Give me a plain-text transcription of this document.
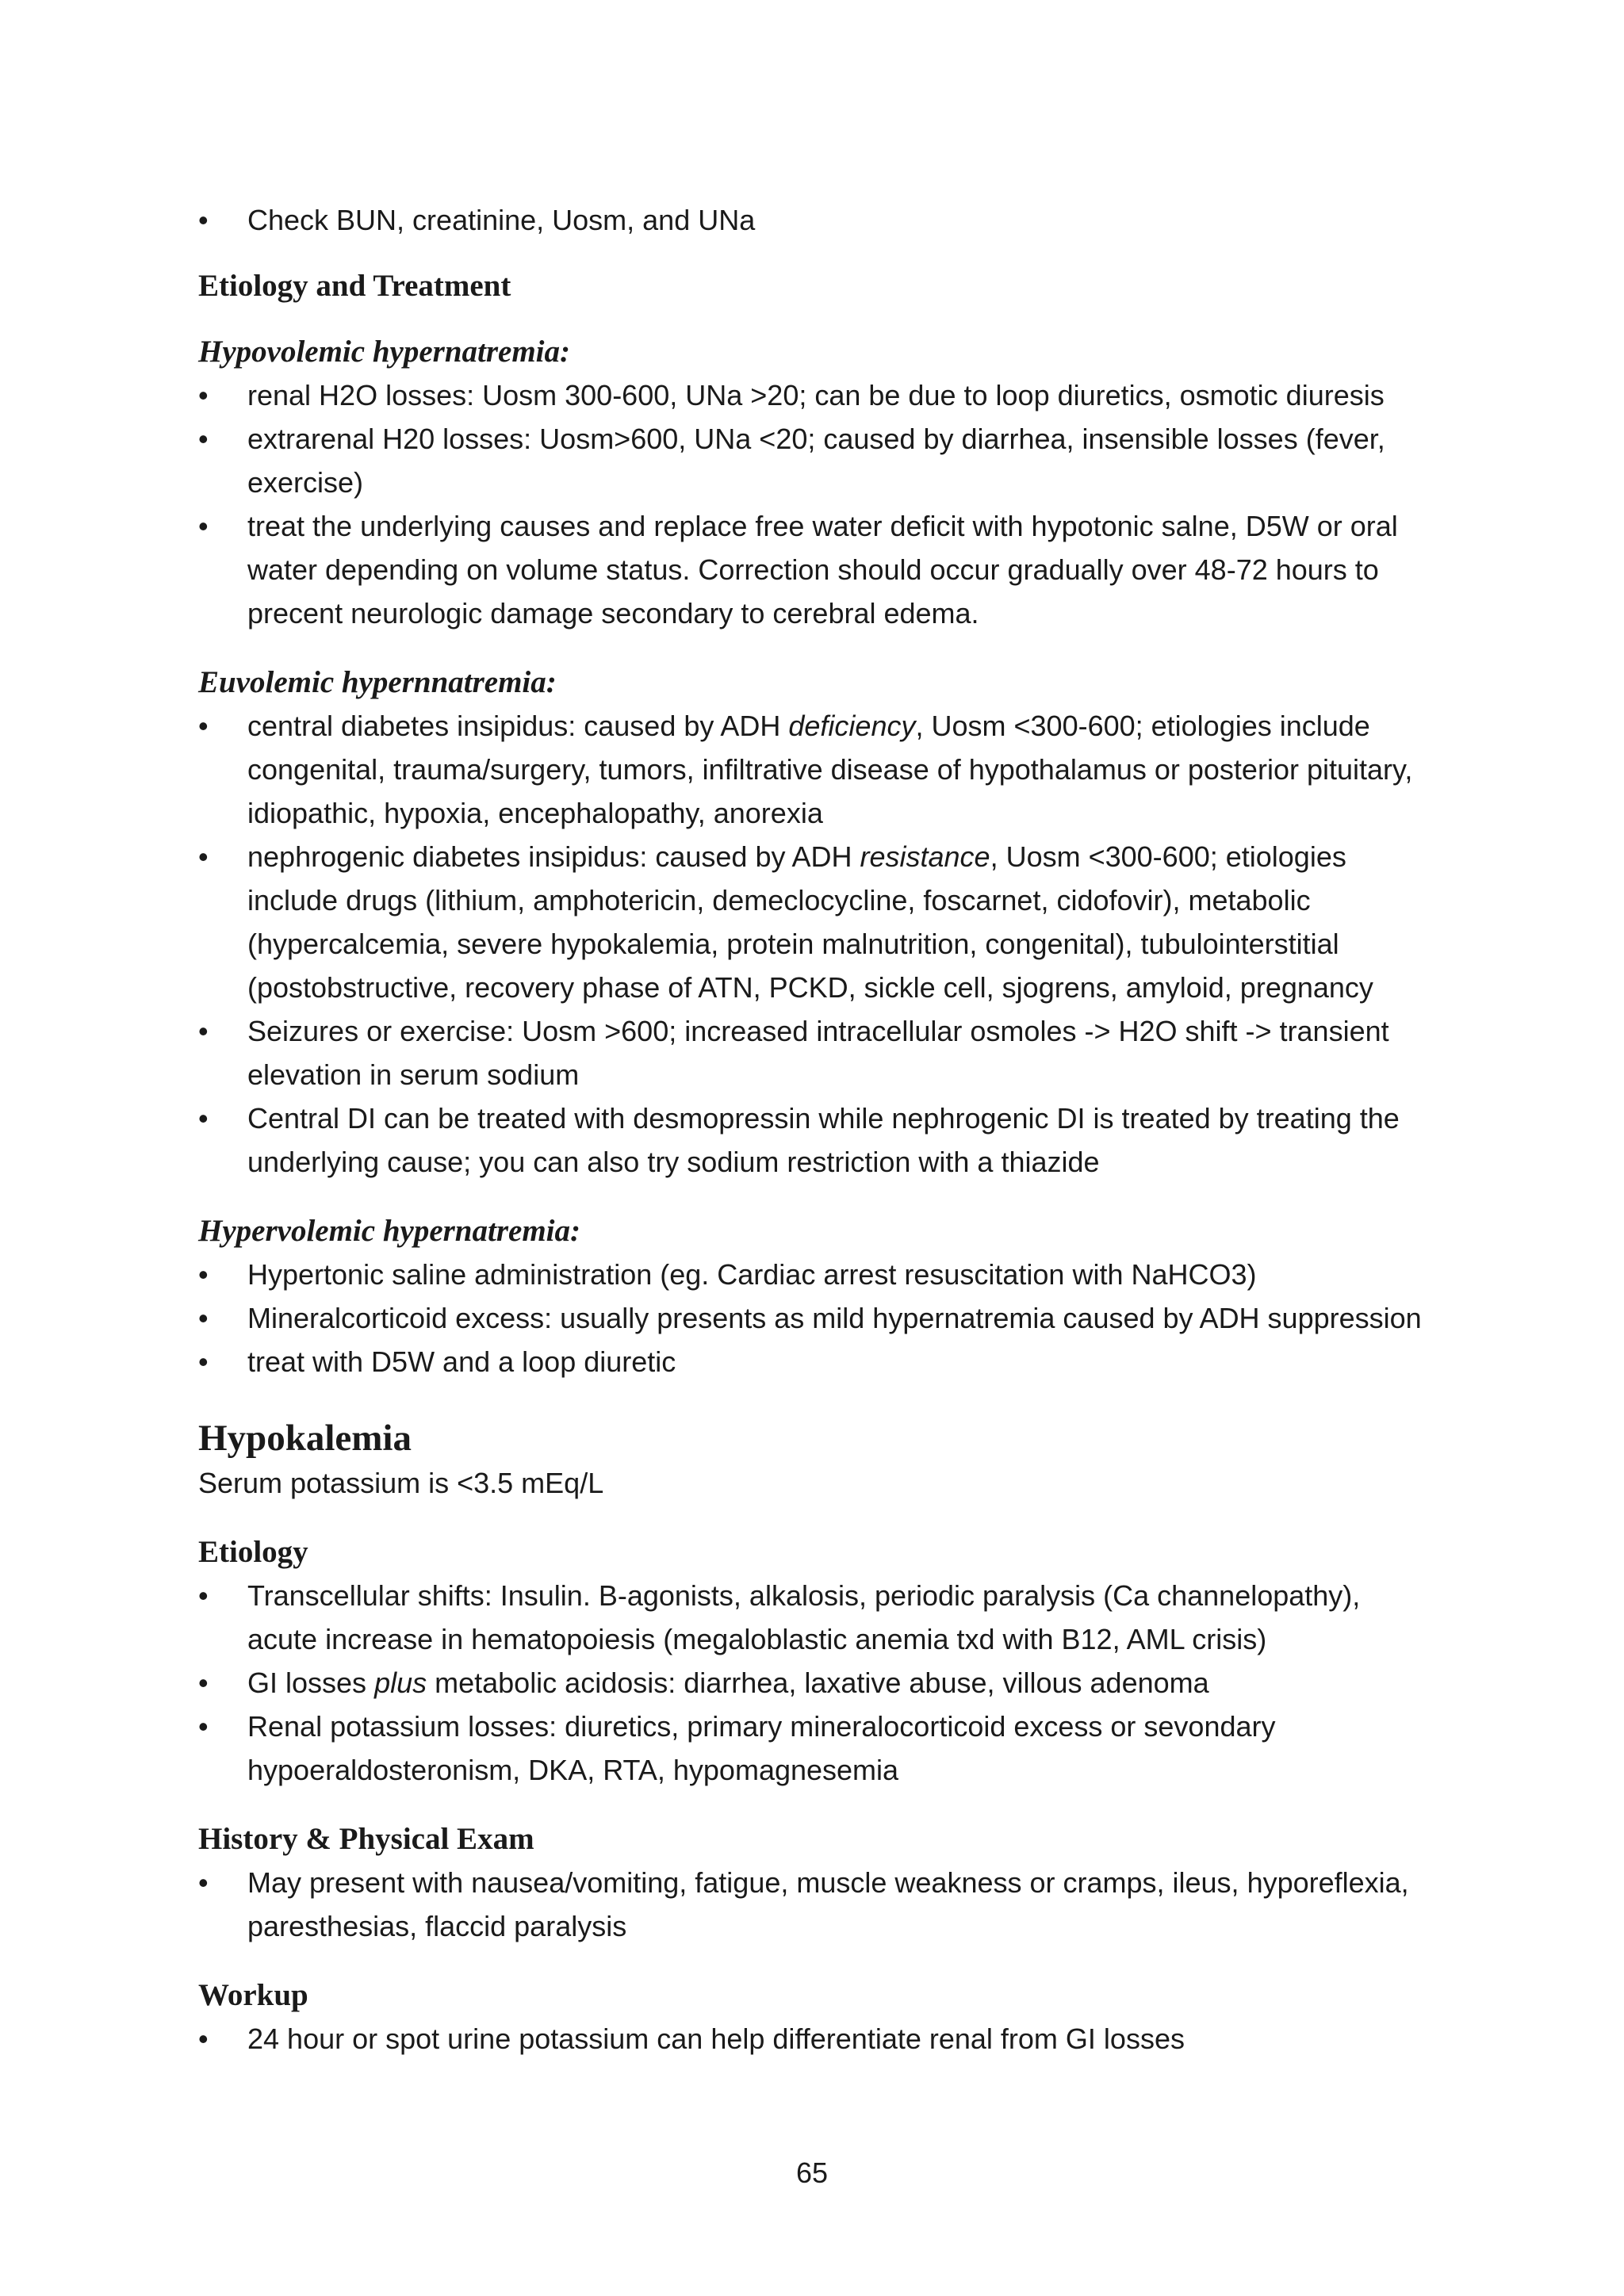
• Check BUN, creatinine, Uosm, and UNa
Etiology and Treatment
Hypovolemic hypernatremia:
• renal H2O losses: Uosm 300-600, UNa >20; can be due to loop diuretics, osmotic diuresis
• extrarenal H20 losses: Uosm>600, UNa <20; caused by diarrhea, insensible losses (fever, exercise)
• treat the underlying causes and replace free water deficit with hypotonic salne, D5W or oral water depending on volume status. Correction should occur gradually over 48-72 hours to precent neurologic damage secondary to cerebral edema.
Euvolemic hypernnatremia:
• central diabetes insipidus: caused by ADH deficiency, Uosm <300-600; etiologies include congenital, trauma/surgery, tumors, infiltrative disease of hypothalamus or posterior pituitary, idiopathic, hypoxia, encephalopathy, anorexia
• nephrogenic diabetes insipidus: caused by ADH resistance, Uosm <300-600; etiologies include drugs (lithium, amphotericin, demeclocycline, foscarnet, cidofovir), metabolic (hypercalcemia, severe hypokalemia, protein malnutrition, congenital), tubulointerstitial (postobstructive, recovery phase of ATN, PCKD, sickle cell, sjogrens, amyloid, pregnancy
• Seizures or exercise: Uosm >600; increased intracellular osmoles -> H2O shift -> transient elevation in serum sodium
• Central DI can be treated with desmopressin while nephrogenic DI is treated by treating the underlying cause; you can also try sodium restriction with a thiazide
Hypervolemic hypernatremia:
• Hypertonic saline administration (eg. Cardiac arrest resuscitation with NaHCO3)
• Mineralcorticoid excess: usually presents as mild hypernatremia caused by ADH suppression
• treat with D5W and a loop diuretic
Hypokalemia
Serum potassium is <3.5 mEq/L
Etiology
• Transcellular shifts: Insulin. B-agonists, alkalosis, periodic paralysis (Ca channelopathy), acute increase in hematopoiesis (megaloblastic anemia txd with B12, AML crisis)
• GI losses plus metabolic acidosis: diarrhea, laxative abuse, villous adenoma
• Renal potassium losses: diuretics, primary mineralocorticoid excess or sevondary hypoeraldosteronism, DKA, RTA, hypomagnesemia
History & Physical Exam
• May present with nausea/vomiting, fatigue, muscle weakness or cramps, ileus, hyporeflexia, paresthesias, flaccid paralysis
Workup
• 24 hour or spot urine potassium can help differentiate renal from GI losses
65
